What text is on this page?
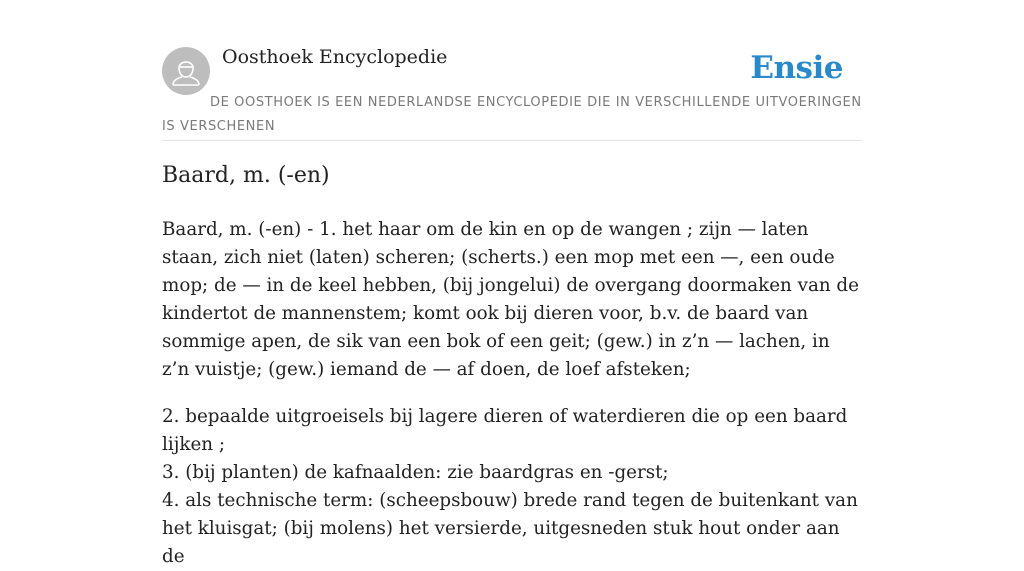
Oosthoek Encyclopedie	Ensie
DE OOSTHOEK IS EEN NEDERLANDSE ENCYCLOPEDIE DIE IN VERSCHILLENDE UITVOERINGEN IS VERSCHENEN
Baard, m. (-en)

Baard, m. (-en) - 1. het haar om de kin en op de wangen ; zijn — laten staan, zich niet (laten) scheren; (scherts.) een mop met een —, een oude mop; de — in de keel hebben, (bij jongelui) de overgang doormaken van de kindertot de mannenstem; komt ook bij dieren voor, b.v. de baard van sommige apen, de sik van een bok of een geit; (gew.) in z’n — lachen, in z’n vuistje; (gew.) iemand de — af doen, de loef afsteken;

2. bepaalde uitgroeisels bij lagere dieren of waterdieren die op een baard lijken ;
3. (bij planten) de kafnaalden: zie baardgras en -gerst;
4. als technische term: (scheepsbouw) brede rand tegen de buitenkant van het kluisgat; (bij molens) het versierde, uitgesneden stuk hout onder aan de
